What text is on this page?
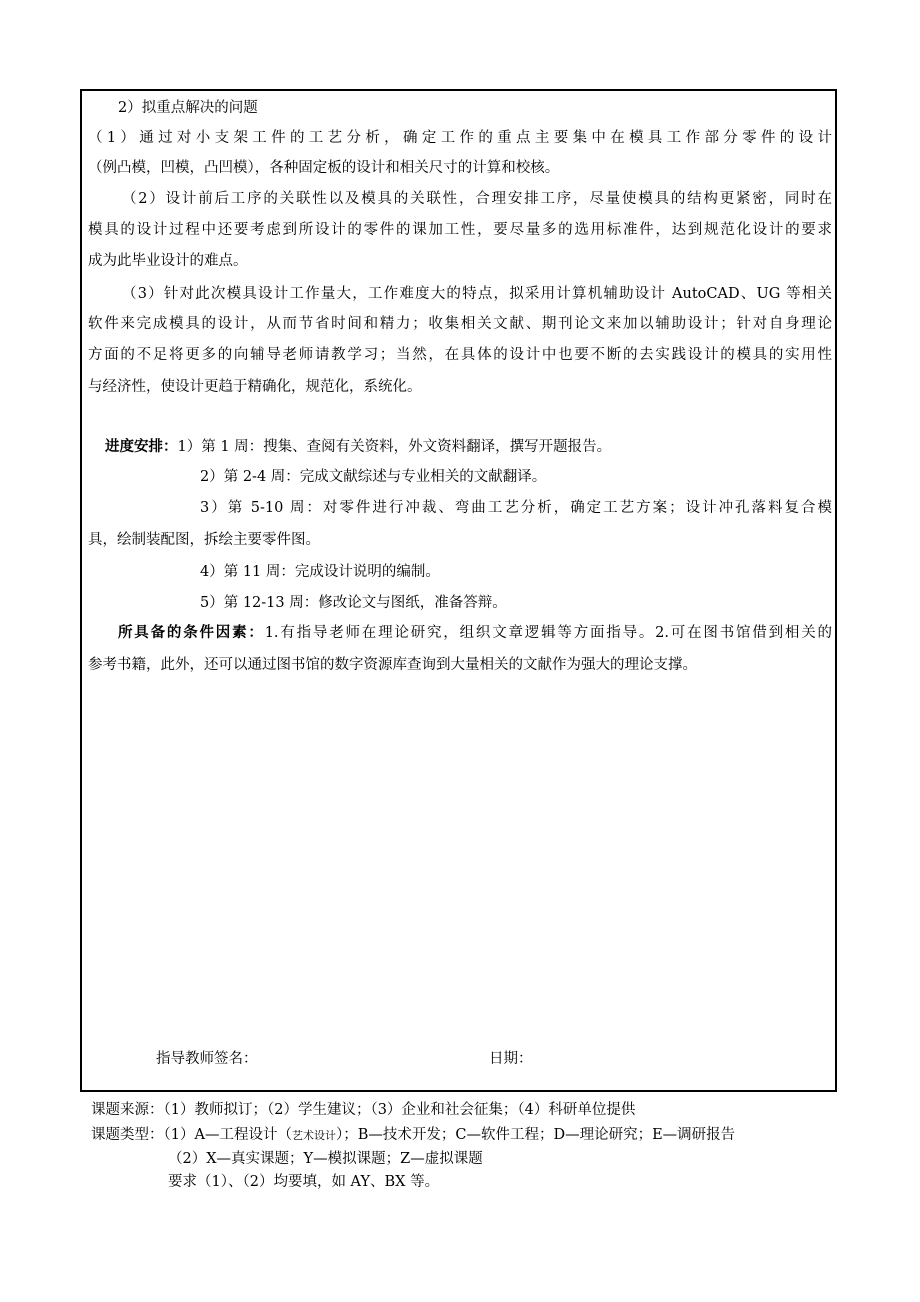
2）拟重点解决的问题
（1）通过对小支架工件的工艺分析，确定工作的重点主要集中在模具工作部分零件的设计
（例凸模，凹模，凸凹模），各种固定板的设计和相关尺寸的计算和校核。
（2）设计前后工序的关联性以及模具的关联性，合理安排工序，尽量使模具的结构更紧密，同时在
模具的设计过程中还要考虑到所设计的零件的课加工性，要尽量多的选用标准件，达到规范化设计的要求
成为此毕业设计的难点。
（3）针对此次模具设计工作量大，工作难度大的特点，拟采用计算机辅助设计 AutoCAD、UG 等相关
软件来完成模具的设计，从而节省时间和精力；收集相关文献、期刊论文来加以辅助设计；针对自身理论
方面的不足将更多的向辅导老师请教学习；当然，在具体的设计中也要不断的去实践设计的模具的实用性
与经济性，使设计更趋于精确化，规范化，系统化。
进度安排：1）第 1 周：搜集、查阅有关资料，外文资料翻译，撰写开题报告。
2）第 2-4 周：完成文献综述与专业相关的文献翻译。
3）第 5-10 周：对零件进行冲裁、弯曲工艺分析，确定工艺方案；设计冲孔落料复合模
具，绘制装配图，拆绘主要零件图。
4）第 11 周：完成设计说明的编制。
5）第 12-13 周：修改论文与图纸，准备答辩。
所具备的条件因素：1.有指导老师在理论研究，组织文章逻辑等方面指导。2.可在图书馆借到相关的
参考书籍，此外，还可以通过图书馆的数字资源库查询到大量相关的文献作为强大的理论支撑。
指导教师签名：	日期：
课题来源：（1）教师拟订；（2）学生建议；（3）企业和社会征集；（4）科研单位提供
课题类型：（1）A—工程设计（艺术设计）；B—技术开发；C—软件工程；D—理论研究；E—调研报告
（2）X—真实课题；Y—模拟课题；Z—虚拟课题
要求（1）、（2）均要填，如 AY、BX 等。
